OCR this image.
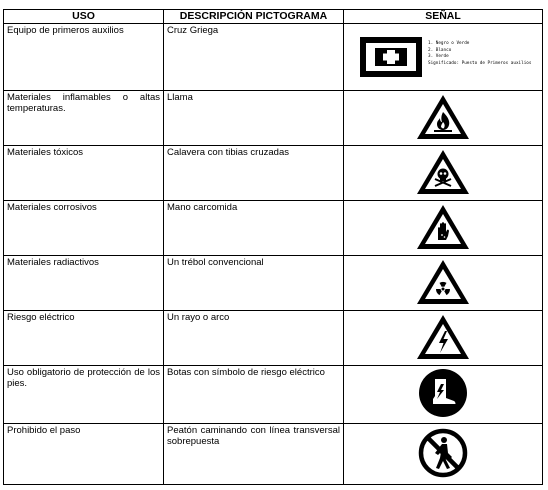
USO	DESCRIPCIÓN PICTOGRAMA	SEÑAL
Equipo de primeros auxilios	Cruz Griega	2 1. Negro o Verde
2. Blanco
3. Verde
Significado: Puesto de Primeros auxilios

Materiales inflamables o altas temperaturas.	Llama	
Materiales tóxicos	Calavera con tibias cruzadas	
Materiales corrosivos	Mano carcomida	
Materiales radiactivos	Un trébol convencional	
Riesgo eléctrico	Un rayo o arco	
Uso obligatorio de protección de los pies.	Botas con símbolo de riesgo eléctrico	
Prohibido el paso	Peatón caminando con línea transversal sobrepuesta	
